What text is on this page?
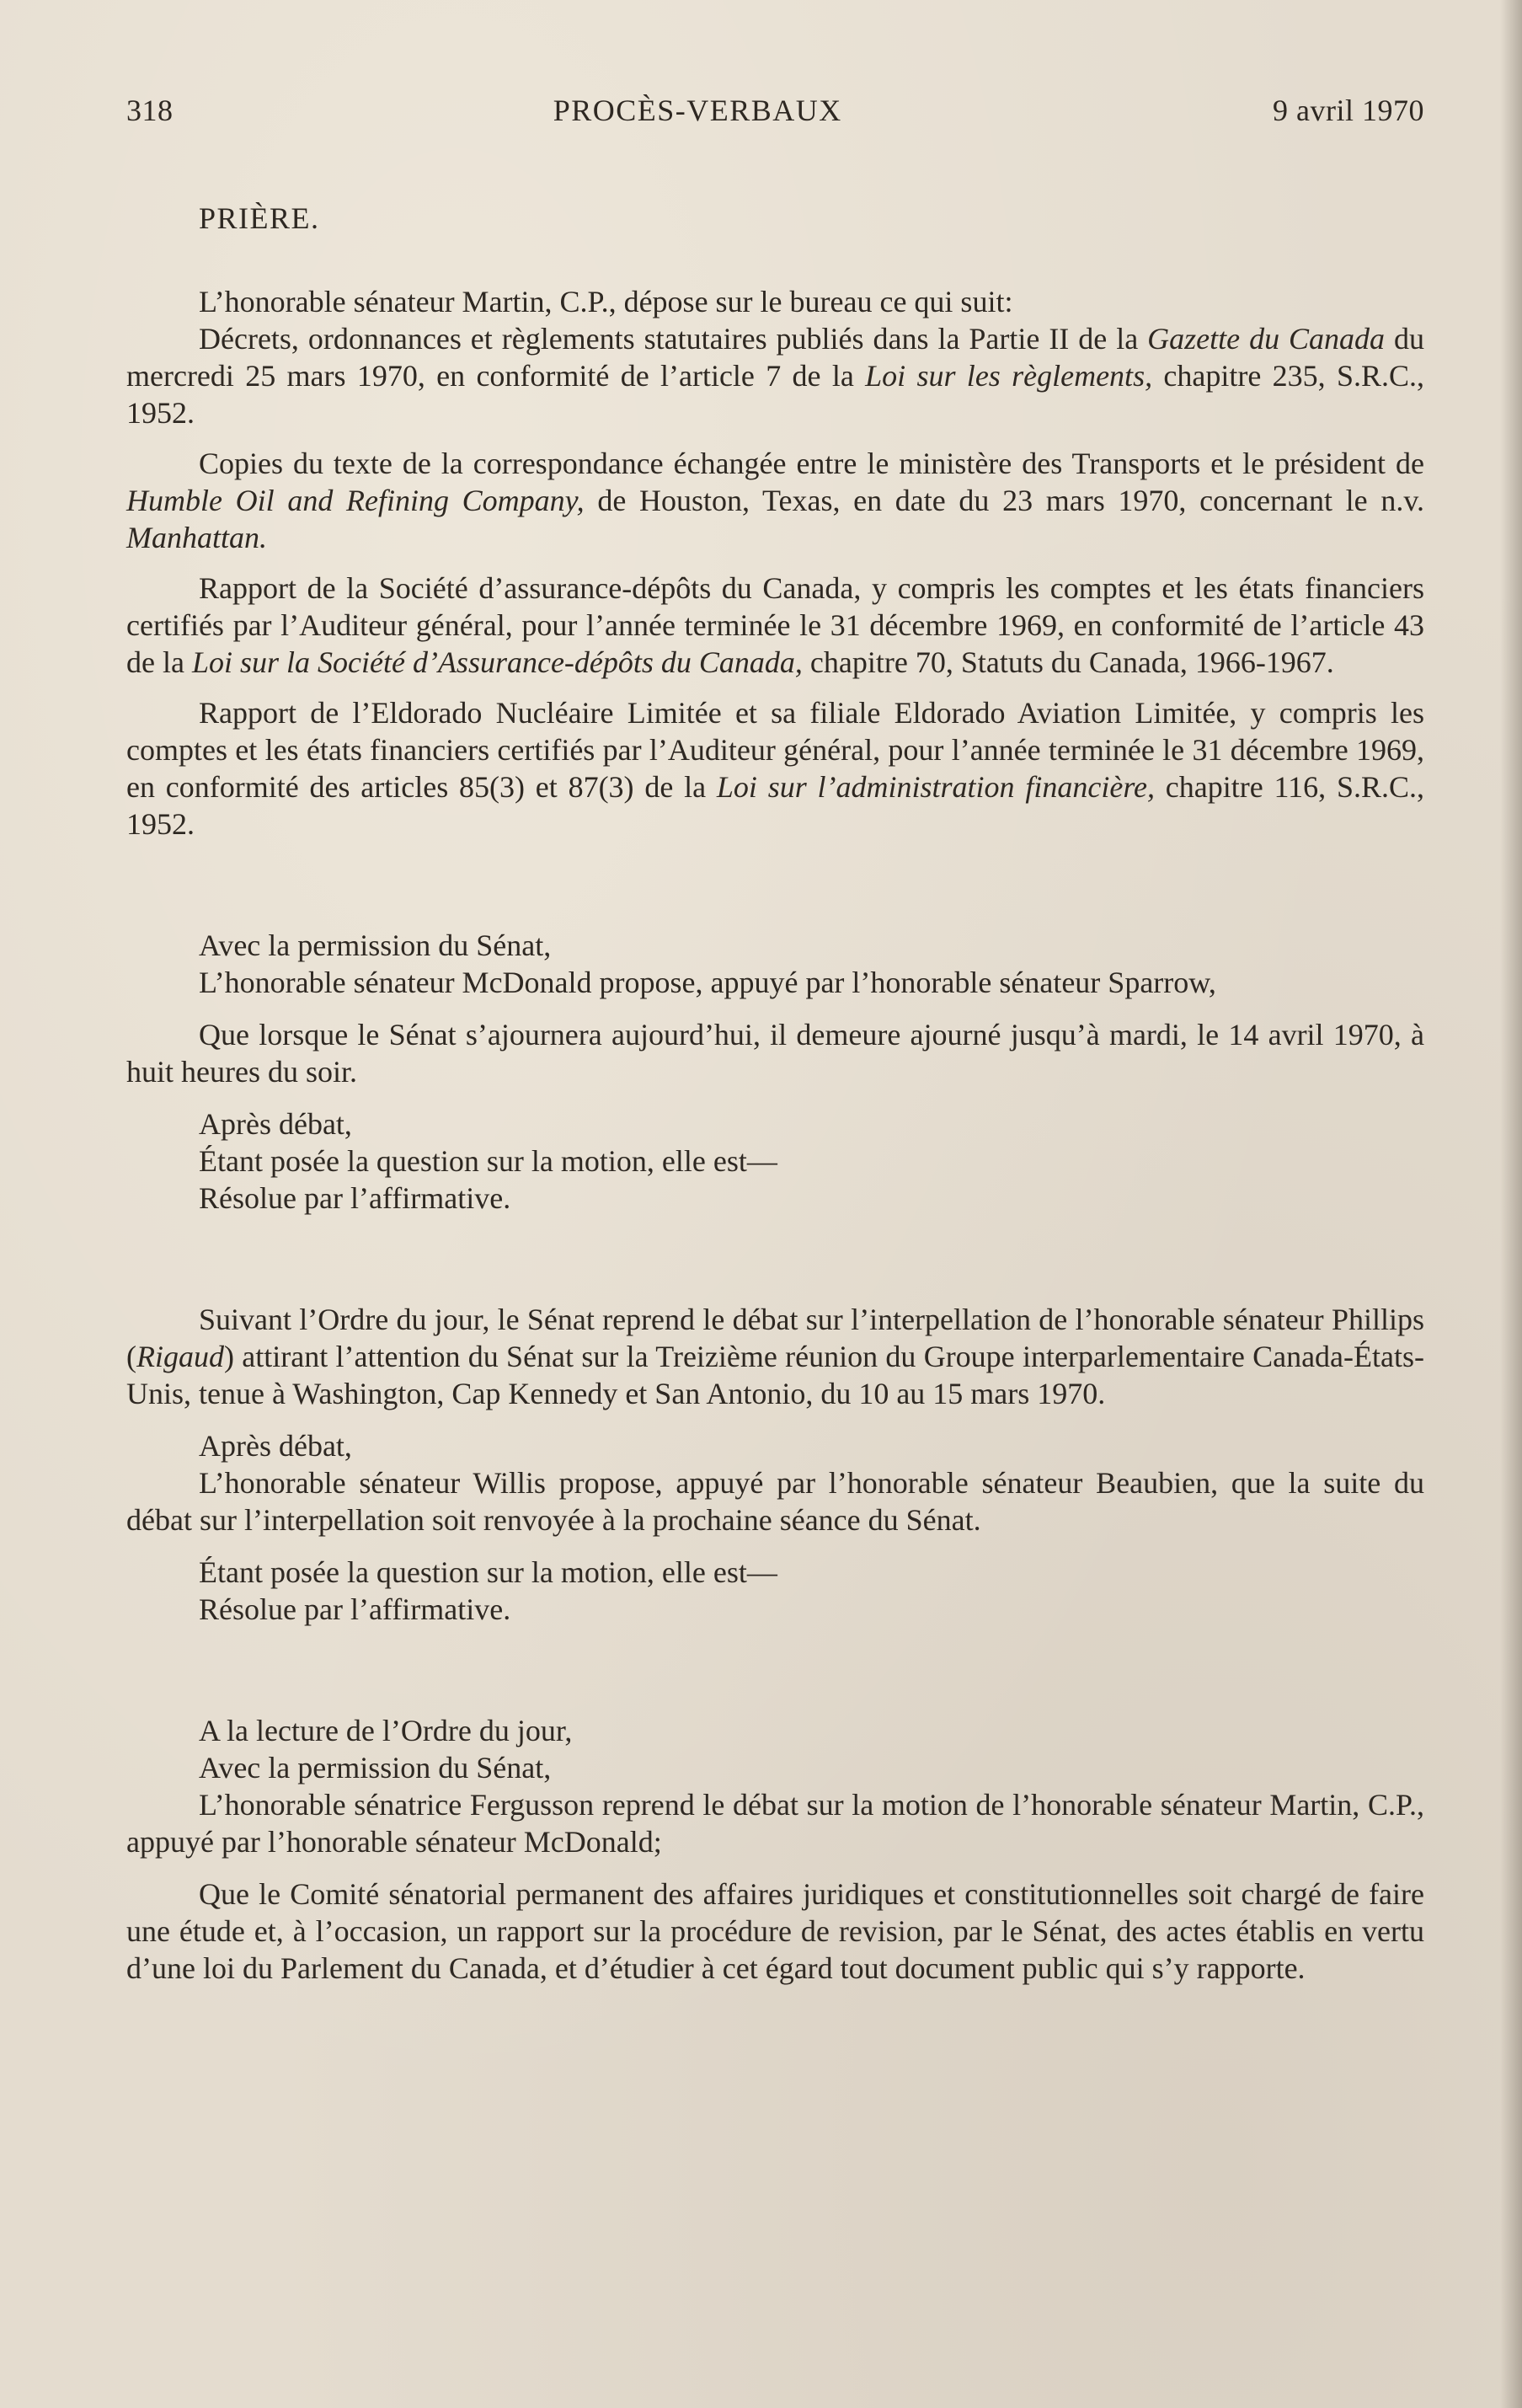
318	PROCÈS-VERBAUX	9 avril 1970
PRIÈRE.

L’honorable sénateur Martin, C.P., dépose sur le bureau ce qui suit:

Décrets, ordonnances et règlements statutaires publiés dans la Partie II de la Gazette du Canada du mercredi 25 mars 1970, en conformité de l’article 7 de la Loi sur les règlements, chapitre 235, S.R.C., 1952.

Copies du texte de la correspondance échangée entre le ministère des Transports et le président de Humble Oil and Refining Company, de Houston, Texas, en date du 23 mars 1970, concernant le n.v. Manhattan.

Rapport de la Société d’assurance-dépôts du Canada, y compris les comptes et les états financiers certifiés par l’Auditeur général, pour l’année terminée le 31 décembre 1969, en conformité de l’article 43 de la Loi sur la Société d’Assurance-dépôts du Canada, chapitre 70, Statuts du Canada, 1966-1967.

Rapport de l’Eldorado Nucléaire Limitée et sa filiale Eldorado Aviation Limitée, y compris les comptes et les états financiers certifiés par l’Auditeur général, pour l’année terminée le 31 décembre 1969, en conformité des articles 85(3) et 87(3) de la Loi sur l’administration financière, chapitre 116, S.R.C., 1952.

Avec la permission du Sénat,

L’honorable sénateur McDonald propose, appuyé par l’honorable sénateur Sparrow,

Que lorsque le Sénat s’ajournera aujourd’hui, il demeure ajourné jusqu’à mardi, le 14 avril 1970, à huit heures du soir.

Après débat,

Étant posée la question sur la motion, elle est—

Résolue par l’affirmative.

Suivant l’Ordre du jour, le Sénat reprend le débat sur l’interpellation de l’honorable sénateur Phillips (Rigaud) attirant l’attention du Sénat sur la Treizième réunion du Groupe interparlementaire Canada-États-Unis, tenue à Washington, Cap Kennedy et San Antonio, du 10 au 15 mars 1970.

Après débat,

L’honorable sénateur Willis propose, appuyé par l’honorable sénateur Beaubien, que la suite du débat sur l’interpellation soit renvoyée à la prochaine séance du Sénat.

Étant posée la question sur la motion, elle est—

Résolue par l’affirmative.

A la lecture de l’Ordre du jour,

Avec la permission du Sénat,

L’honorable sénatrice Fergusson reprend le débat sur la motion de l’honorable sénateur Martin, C.P., appuyé par l’honorable sénateur McDonald;

Que le Comité sénatorial permanent des affaires juridiques et constitutionnelles soit chargé de faire une étude et, à l’occasion, un rapport sur la procédure de revision, par le Sénat, des actes établis en vertu d’une loi du Parlement du Canada, et d’étudier à cet égard tout document public qui s’y rapporte.
